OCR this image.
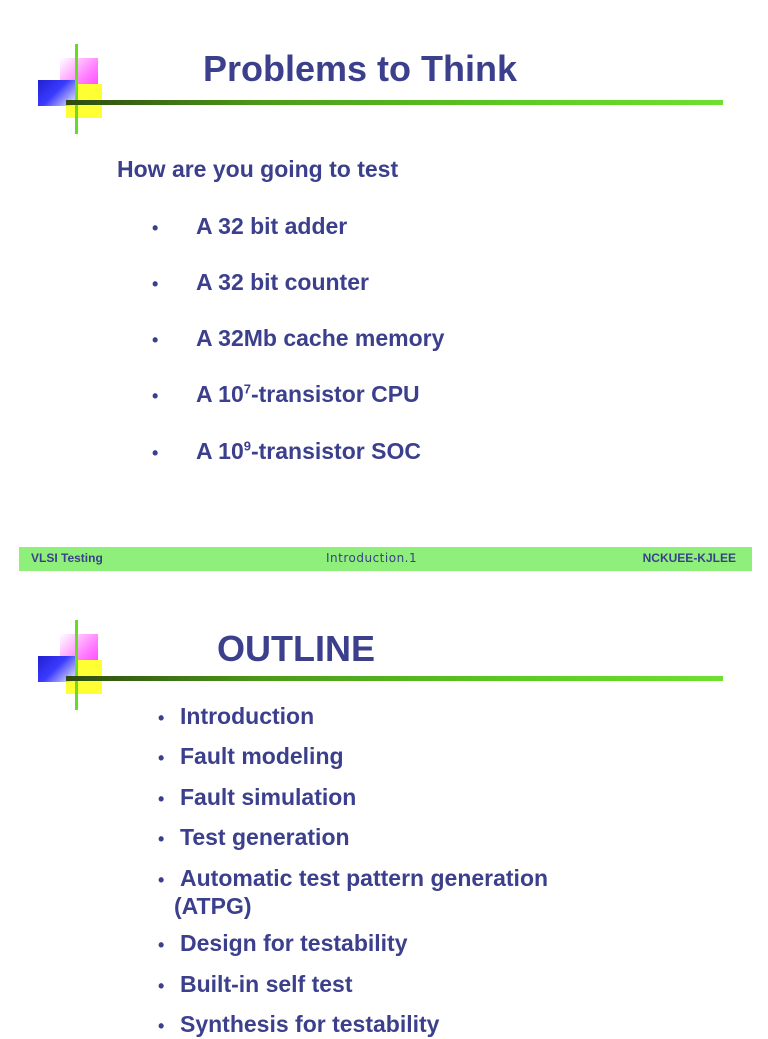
Problems to Think
How are you going to test
•	A 32 bit adder
•	A 32 bit counter
•	A 32Mb cache memory
•	A $10^7$-transistor CPU
•	A $10^9$-transistor SOC
VLSI Testing	Introduction.1	NCKUEE-KJLEE
OUTLINE
• Introduction
• Fault modeling
• Fault simulation
• Test generation
• Automatic test pattern generation
(ATPG)
• Design for testability
• Built-in self test
• Synthesis for testability
